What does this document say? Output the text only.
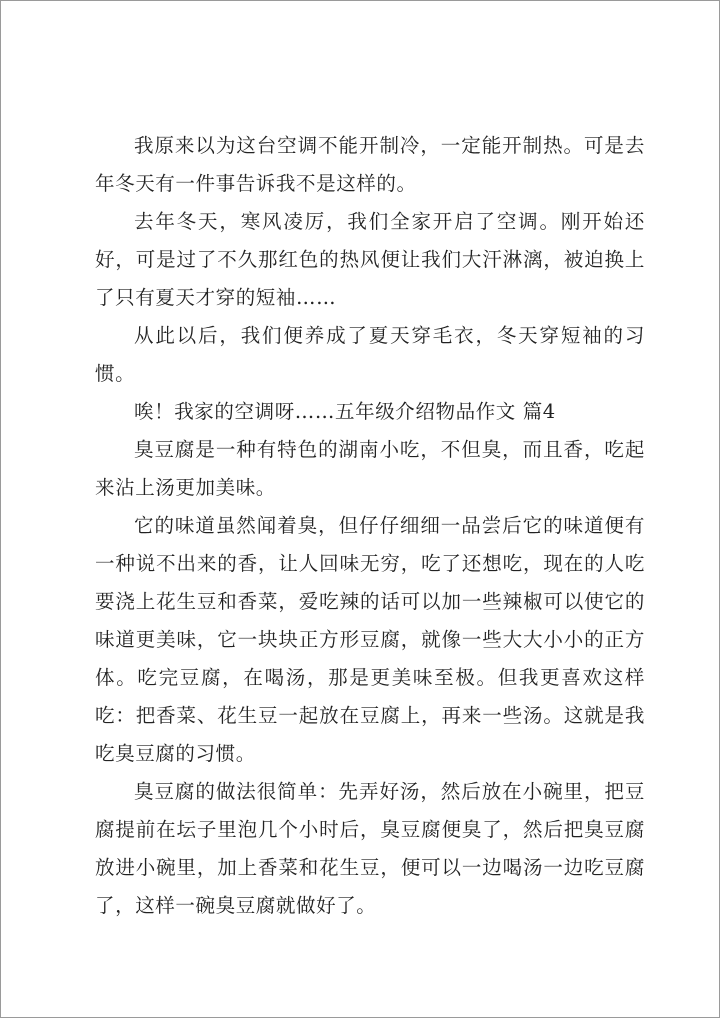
我原来以为这台空调不能开制冷，一定能开制热。可是去年冬天有一件事告诉我不是这样的。

去年冬天，寒风凌厉，我们全家开启了空调。刚开始还好，可是过了不久那红色的热风便让我们大汗淋漓，被迫换上了只有夏天才穿的短袖……

从此以后，我们便养成了夏天穿毛衣，冬天穿短袖的习惯。

唉！我家的空调呀……五年级介绍物品作文 篇4

臭豆腐是一种有特色的湖南小吃，不但臭，而且香，吃起来沾上汤更加美味。

它的味道虽然闻着臭，但仔仔细细一品尝后它的味道便有一种说不出来的香，让人回味无穷，吃了还想吃，现在的人吃要浇上花生豆和香菜，爱吃辣的话可以加一些辣椒可以使它的味道更美味，它一块块正方形豆腐，就像一些大大小小的正方体。吃完豆腐，在喝汤，那是更美味至极。但我更喜欢这样吃：把香菜、花生豆一起放在豆腐上，再来一些汤。这就是我吃臭豆腐的习惯。

臭豆腐的做法很简单：先弄好汤，然后放在小碗里，把豆腐提前在坛子里泡几个小时后，臭豆腐便臭了，然后把臭豆腐放进小碗里，加上香菜和花生豆，便可以一边喝汤一边吃豆腐了，这样一碗臭豆腐就做好了。
